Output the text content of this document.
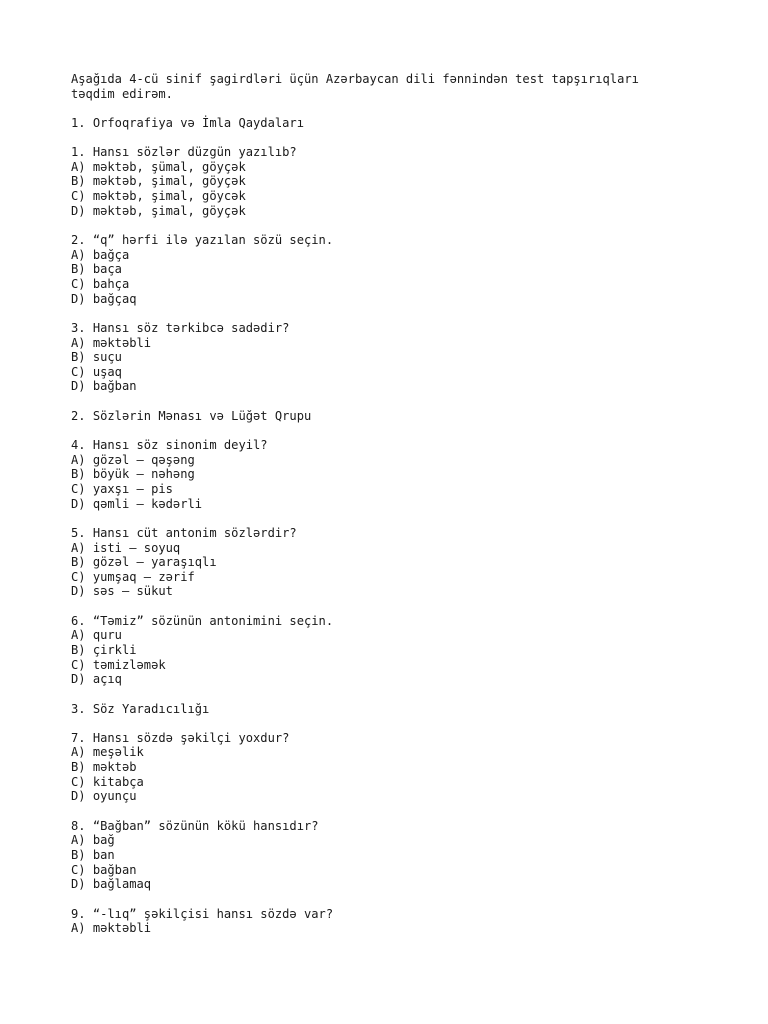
Aşağıda 4-cü sinif şagirdləri üçün Azərbaycan dili fənnindən test tapşırıqları
təqdim edirəm.
1. Orfoqrafiya və İmla Qaydaları
1. Hansı sözlər düzgün yazılıb?
A) məktəb, şümal, göyçək
B) məktəb, şimal, göyçək
C) məktəb, şimal, göycək
D) məktəb, şimal, göyçək
2. “q” hərfi ilə yazılan sözü seçin.
A) bağça
B) baça
C) bahça
D) bağçaq
3. Hansı söz tərkibcə sadədir?
A) məktəbli
B) suçu
C) uşaq
D) bağban
2. Sözlərin Mənası və Lüğət Qrupu
4. Hansı söz sinonim deyil?
A) gözəl – qəşəng
B) böyük – nəhəng
C) yaxşı – pis
D) qəmli – kədərli
5. Hansı cüt antonim sözlərdir?
A) isti – soyuq
B) gözəl – yaraşıqlı
C) yumşaq – zərif
D) səs – sükut
6. “Təmiz” sözünün antonimini seçin.
A) quru
B) çirkli
C) təmizləmək
D) açıq
3. Söz Yaradıcılığı
7. Hansı sözdə şəkilçi yoxdur?
A) meşəlik
B) məktəb
C) kitabça
D) oyunçu
8. “Bağban” sözünün kökü hansıdır?
A) bağ
B) ban
C) bağban
D) bağlamaq
9. “-lıq” şəkilçisi hansı sözdə var?
A) məktəbli
